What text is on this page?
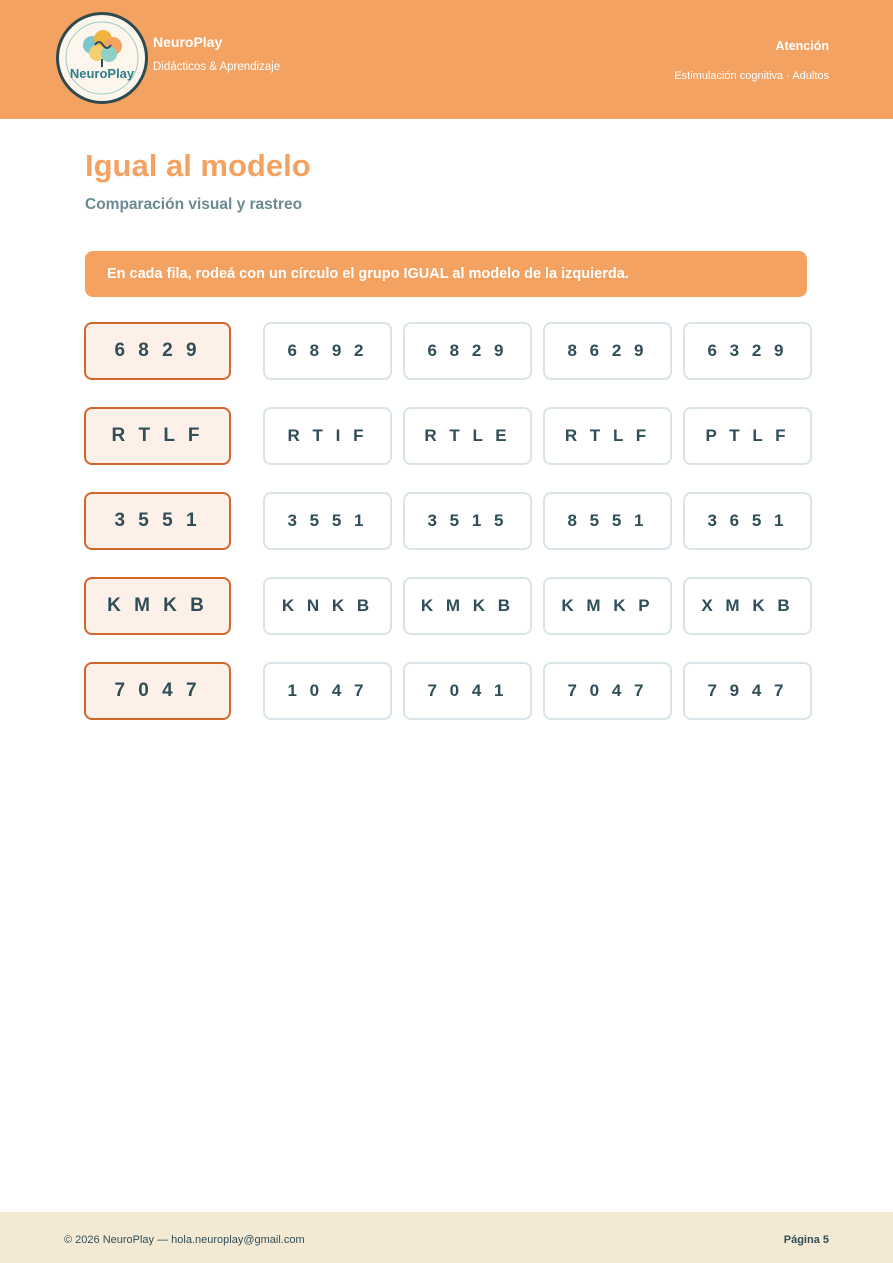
NeuroPlay
NeuroPlay
Didácticos & Aprendizaje
Atención
Estimulación cognitiva · Adultos
Igual al modelo
Comparación visual y rastreo
En cada fila, rodeá con un círculo el grupo IGUAL al modelo de la izquierda.
6 8 2 9	6 8 9 2	6 8 2 9	8 6 2 9	6 3 2 9
R T L F	R T I F	R T L E	R T L F	P T L F
3 5 5 1	3 5 5 1	3 5 1 5	8 5 5 1	3 6 5 1
K M K B	K N K B	K M K B	K M K P	X M K B
7 0 4 7	1 0 4 7	7 0 4 1	7 0 4 7	7 9 4 7
© 2026 NeuroPlay — hola.neuroplay@gmail.com	Página 5
